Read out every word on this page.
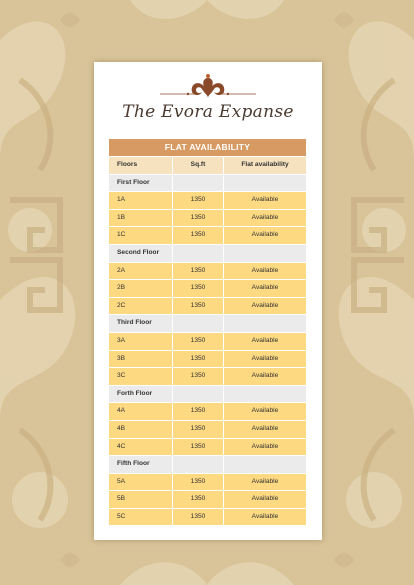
The Evora Expanse
FLAT AVAILABILITY
Floors	Sq.ft	Flat availability
First Floor
1A	1350	Available
1B	1350	Available
1C	1350	Available
Second Floor
2A	1350	Available
2B	1350	Available
2C	1350	Available
Third Floor
3A	1350	Available
3B	1350	Available
3C	1350	Available
Forth Floor
4A	1350	Available
4B	1350	Available
4C	1350	Available
Fifth Floor
5A	1350	Available
5B	1350	Available
5C	1350	Available
